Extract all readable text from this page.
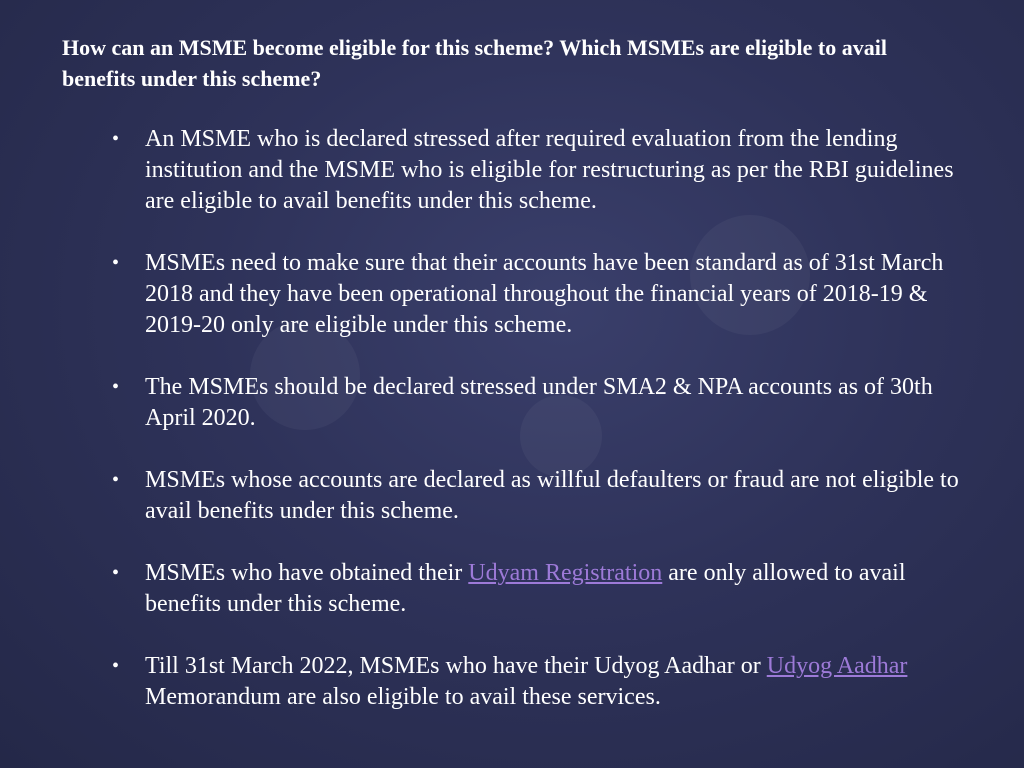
How can an MSME become eligible for this scheme? Which MSMEs are eligible to avail benefits under this scheme?
• An MSME who is declared stressed after required evaluation from the lending institution and the MSME who is eligible for restructuring as per the RBI guidelines are eligible to avail benefits under this scheme.
• MSMEs need to make sure that their accounts have been standard as of 31st March 2018 and they have been operational throughout the financial years of 2018-19 & 2019-20 only are eligible under this scheme.
• The MSMEs should be declared stressed under SMA2 & NPA accounts as of 30th April 2020.
• MSMEs whose accounts are declared as willful defaulters or fraud are not eligible to avail benefits under this scheme.
• MSMEs who have obtained their Udyam Registration are only allowed to avail benefits under this scheme.
• Till 31st March 2022, MSMEs who have their Udyog Aadhar or Udyog Aadhar Memorandum are also eligible to avail these services.
